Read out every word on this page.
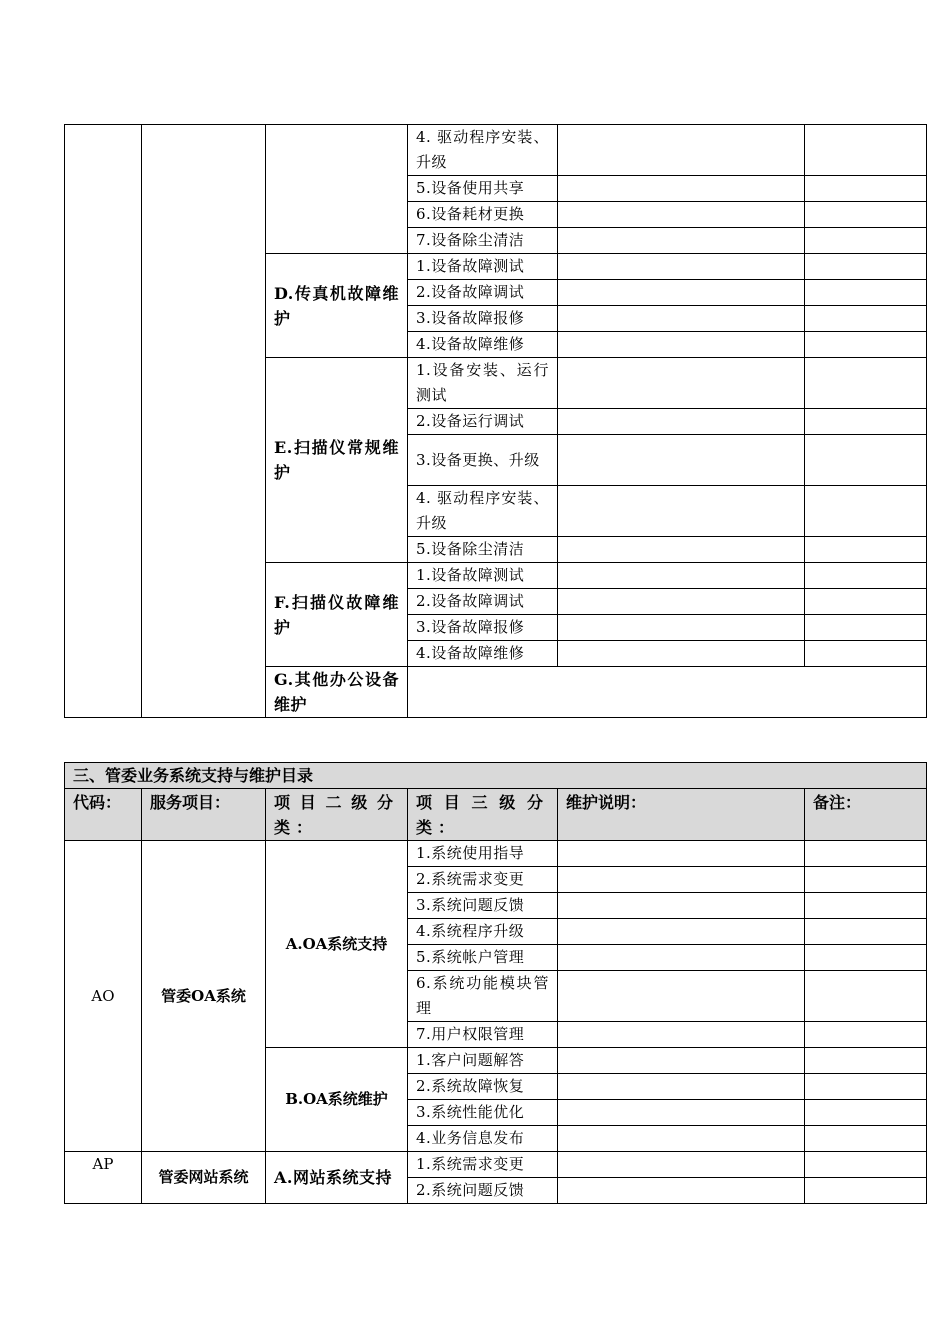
			4. 驱动程序安装、升级		
			5.设备使用共享		
			6.设备耗材更换		
			7.设备除尘清洁		
		D.传真机故障维护	1.设备故障测试		
			2.设备故障调试		
			3.设备故障报修		
			4.设备故障维修		
		E.扫描仪常规维护	1.设备安装、运行测试		
			2.设备运行调试		
			3.设备更换、升级		
			4. 驱动程序安装、升级		
			5.设备除尘清洁		
		F.扫描仪故障维护	1.设备故障测试		
			2.设备故障调试		
			3.设备故障报修		
			4.设备故障维修		
		G.其他办公设备维护			
三、管委业务系统支持与维护目录					
代码：	服务项目：	项目二级分类：	项目三级分类：	维护说明：	备注：
AO	管委OA系统	A.OA系统支持	1.系统使用指导		
			2.系统需求变更		
			3.系统问题反馈		
			4.系统程序升级		
			5.系统帐户管理		
			6.系统功能模块管理		
			7.用户权限管理		
		B.OA系统维护	1.客户问题解答		
			2.系统故障恢复		
			3.系统性能优化		
			4.业务信息发布		
AP	管委网站系统	A.网站系统支持	1.系统需求变更		
			2.系统问题反馈		
